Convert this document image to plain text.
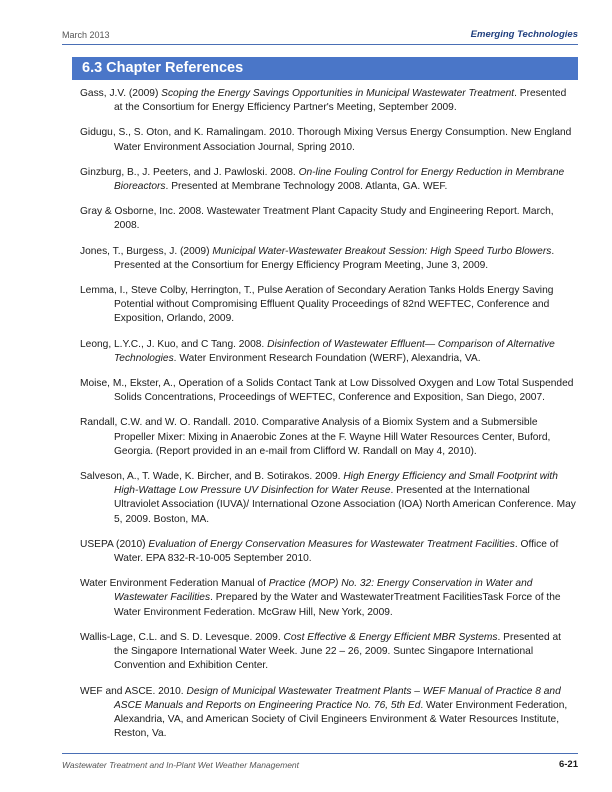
March 2013	Emerging Technologies
6.3 Chapter References

Gass, J.V. (2009) Scoping the Energy Savings Opportunities in Municipal Wastewater Treatment. Presented at the Consortium for Energy Efficiency Partner's Meeting, September 2009.

Gidugu, S., S. Oton, and K. Ramalingam. 2010. Thorough Mixing Versus Energy Consumption. New England Water Environment Association Journal, Spring 2010.

Ginzburg, B., J. Peeters, and J. Pawloski. 2008. On-line Fouling Control for Energy Reduction in Membrane Bioreactors. Presented at Membrane Technology 2008. Atlanta, GA. WEF.

Gray & Osborne, Inc. 2008. Wastewater Treatment Plant Capacity Study and Engineering Report. March, 2008.

Jones, T., Burgess, J. (2009) Municipal Water-Wastewater Breakout Session: High Speed Turbo Blowers. Presented at the Consortium for Energy Efficiency Program Meeting, June 3, 2009.

Lemma, I., Steve Colby, Herrington, T., Pulse Aeration of Secondary Aeration Tanks Holds Energy Saving Potential without Compromising Effluent Quality Proceedings of 82nd WEFTEC, Conference and Exposition, Orlando, 2009.

Leong, L.Y.C., J. Kuo, and C Tang. 2008. Disinfection of Wastewater Effluent— Comparison of Alternative Technologies. Water Environment Research Foundation (WERF), Alexandria, VA.

Moise, M., Ekster, A., Operation of a Solids Contact Tank at Low Dissolved Oxygen and Low Total Suspended Solids Concentrations, Proceedings of WEFTEC, Conference and Exposition, San Diego, 2007.

Randall, C.W. and W. O. Randall. 2010. Comparative Analysis of a Biomix System and a Submersible Propeller Mixer: Mixing in Anaerobic Zones at the F. Wayne Hill Water Resources Center, Buford, Georgia. (Report provided in an e-mail from Clifford W. Randall on May 4, 2010).

Salveson, A., T. Wade, K. Bircher, and B. Sotirakos. 2009. High Energy Efficiency and Small Footprint with High-Wattage Low Pressure UV Disinfection for Water Reuse. Presented at the International Ultraviolet Association (IUVA)/ International Ozone Association (IOA) North American Conference. May 5, 2009. Boston, MA.

USEPA (2010) Evaluation of Energy Conservation Measures for Wastewater Treatment Facilities. Office of Water. EPA 832-R-10-005 September 2010.

Water Environment Federation Manual of Practice (MOP) No. 32: Energy Conservation in Water and Wastewater Facilities. Prepared by the Water and WastewaterTreatment FacilitiesTask Force of the Water Environment Federation. McGraw Hill, New York, 2009.

Wallis-Lage, C.L. and S. D. Levesque. 2009. Cost Effective & Energy Efficient MBR Systems. Presented at the Singapore International Water Week. June 22 – 26, 2009. Suntec Singapore International Convention and Exhibition Center.

WEF and ASCE. 2010. Design of Municipal Wastewater Treatment Plants – WEF Manual of Practice 8 and ASCE Manuals and Reports on Engineering Practice No. 76, 5th Ed. Water Environment Federation, Alexandria, VA, and American Society of Civil Engineers Environment & Water Resources Institute, Reston, Va.

Wastewater Treatment and In-Plant Wet Weather Management	6-21
